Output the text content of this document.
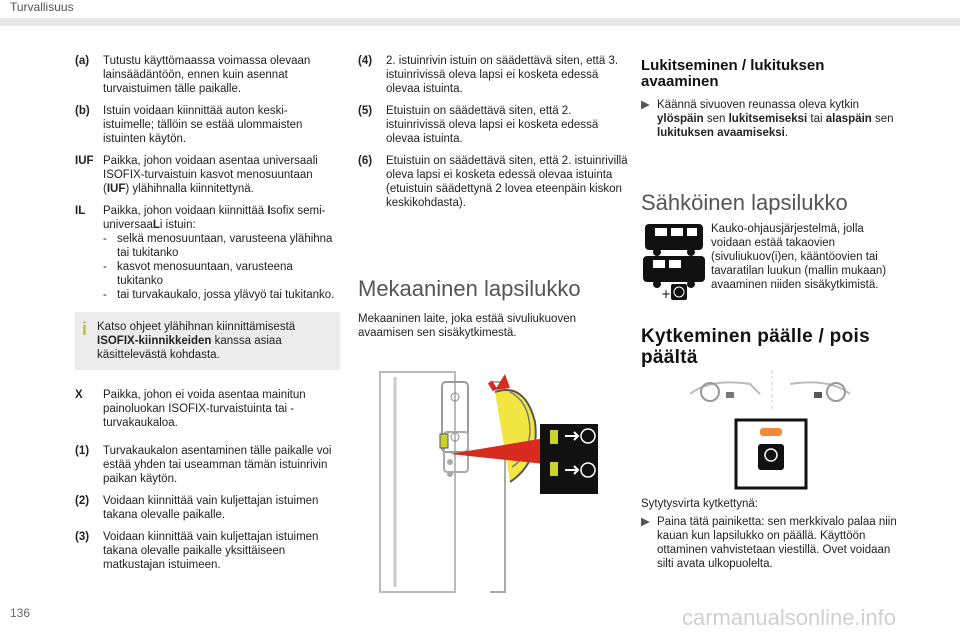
Turvallisuus
(a)	Tutustu käyttömaassa voimassa olevaan lainsäädäntöön, ennen kuin asennat turvaistuimen tälle paikalle.
(b)	Istuin voidaan kiinnittää auton keski- istuimelle; tällöin se estää ulommaisten istuinten käytön.
IUF Paikka, johon voidaan asentaa universaali ISOFIX-turvaistuin kasvot menosuuntaan (IUF) ylähihnalla kiinnitettynä.
IL	Paikka, johon voidaan kiinnittää Isofix semi-universaaLi istuin:
- selkä menosuuntaan, varusteena ylähihna tai tukitanko
- kasvot menosuuntaan, varusteena tukitanko
- tai turvakaukalo, jossa ylävyö tai tukitanko.
i Katso ohjeet ylähihnan kiinnittämisestä ISOFIX-kiinnikkeiden kanssa asiaa käsittelevästä kohdasta.
X	Paikka, johon ei voida asentaa mainitun painoluokan ISOFIX-turvaistuinta tai -turvakaukaloa.
(1)	Turvakaukalon asentaminen tälle paikalle voi estää yhden tai useamman tämän istuinrivin paikan käytön.
(2)	Voidaan kiinnittää vain kuljettajan istuimen takana olevalle paikalle.
(3)	Voidaan kiinnittää vain kuljettajan istuimen takana olevalle paikalle yksittäiseen matkustajan istuimeen.
(4)	2. istuinrivin istuin on säädettävä siten, että 3. istuinrivissä oleva lapsi ei kosketa edessä olevaa istuinta.
(5)	Etuistuin on säädettävä siten, että 2. istuinrivissä oleva lapsi ei kosketa edessä olevaa istuinta.
(6)	Etuistuin on säädettävä siten, että 2. istuinrivillä oleva lapsi ei kosketa edessä olevaa istuinta (etuistuin säädettynä 2 lovea eteenpäin kiskon keskikohdasta).
Mekaaninen lapsilukko
Mekaaninen laite, joka estää sivuliukuoven avaamisen sen sisäkytkimestä.
Lukitseminen / lukituksen avaaminen
▶︎ Käännä sivuoven reunassa oleva kytkin ylöspäin sen lukitsemiseksi tai alaspäin sen lukituksen avaamiseksi.
Sähköinen lapsilukko
+
Kauko-ohjausjärjestelmä, jolla voidaan estää takaovien (sivuliukuov(i)en, kääntöovien tai tavaratilan luukun (mallin mukaan) avaaminen niiden sisäkytkimistä.
Kytkeminen päälle / pois päältä
Sytytysvirta kytkettynä:
▶︎ Paina tätä painiketta: sen merkkivalo palaa niin kauan kun lapsilukko on päällä. Käyttöön ottaminen vahvistetaan viestillä. Ovet voidaan silti avata ulkopuolelta.
136	carmanualsonline.info
